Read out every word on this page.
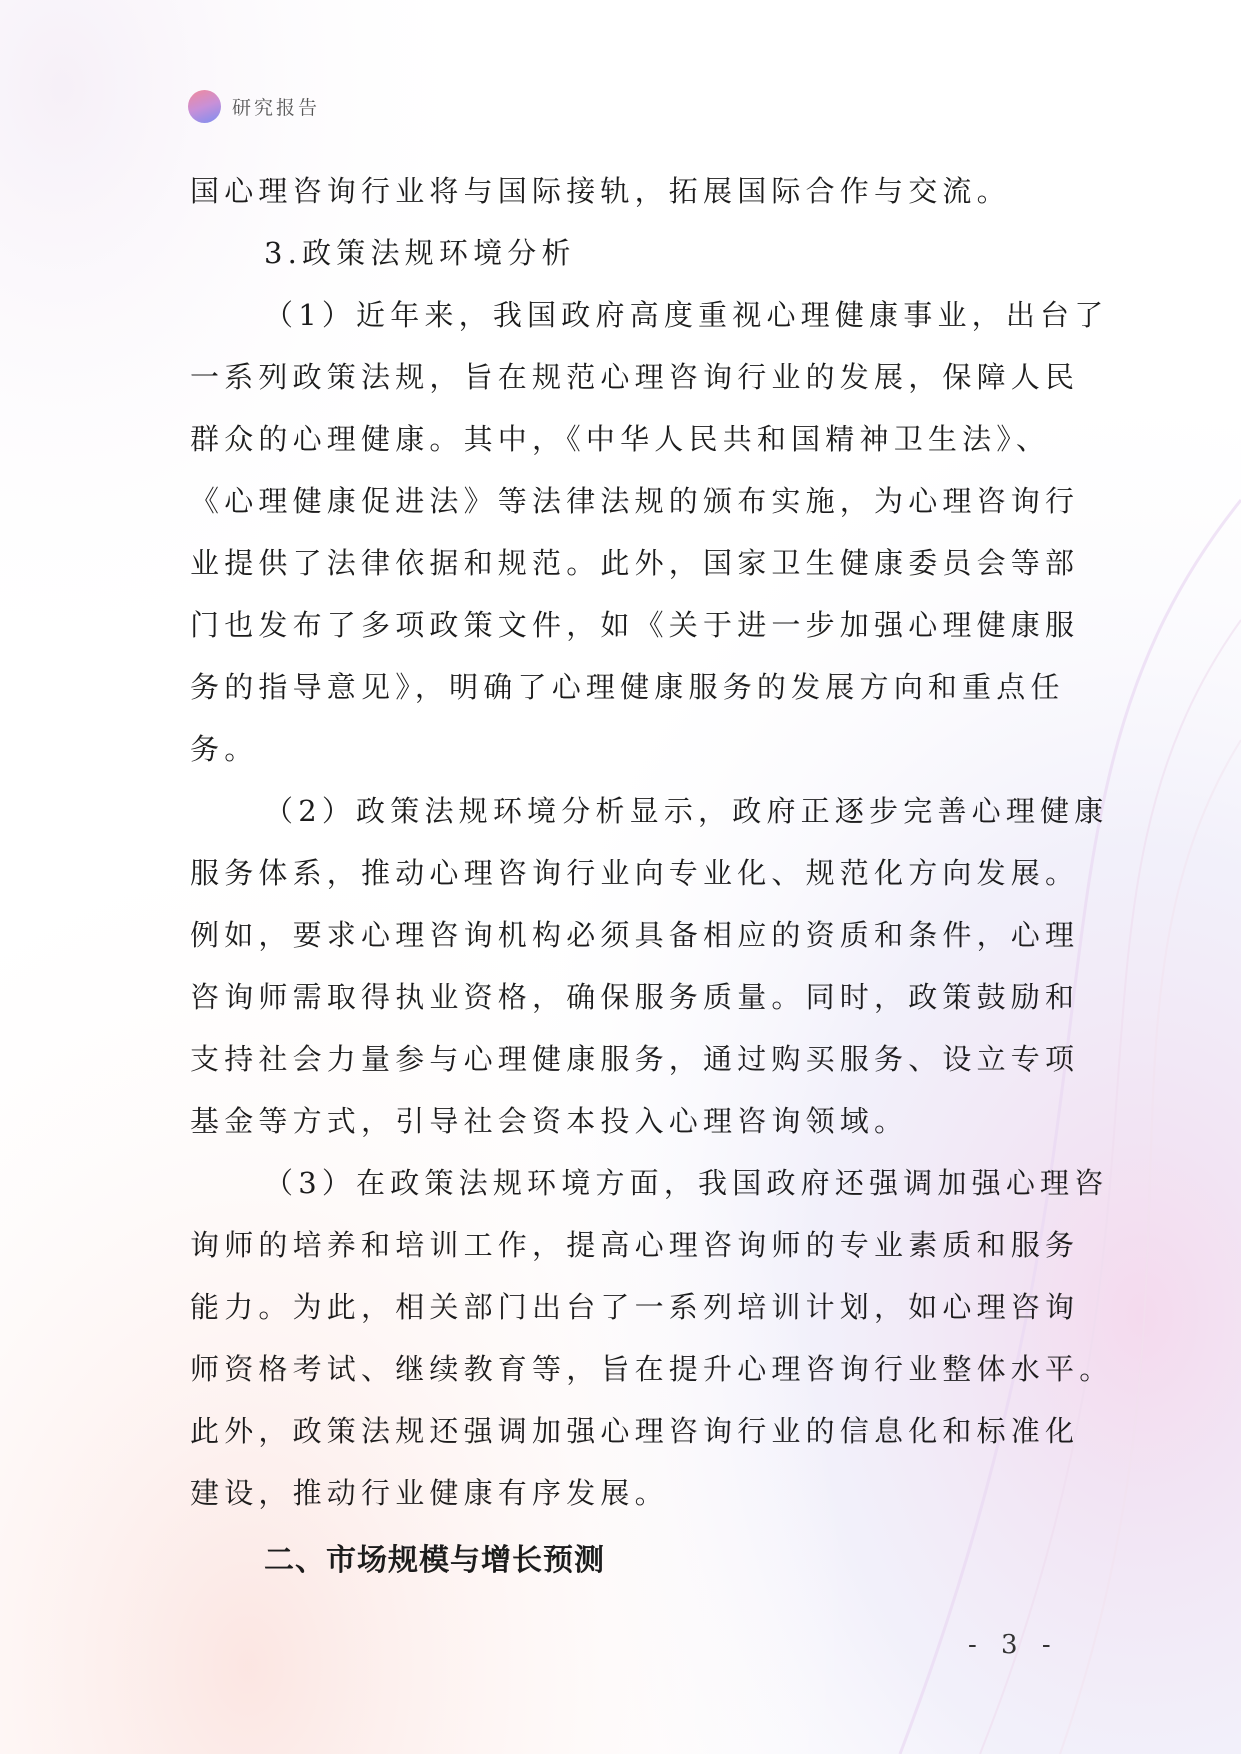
研究报告
国心理咨询行业将与国际接轨，拓展国际合作与交流。
3.政策法规环境分析
（1）近年来，我国政府高度重视心理健康事业，出台了
一系列政策法规，旨在规范心理咨询行业的发展，保障人民
群众的心理健康。其中，《中华人民共和国精神卫生法》、
《心理健康促进法》等法律法规的颁布实施，为心理咨询行
业提供了法律依据和规范。此外，国家卫生健康委员会等部
门也发布了多项政策文件，如《关于进一步加强心理健康服
务的指导意见》，明确了心理健康服务的发展方向和重点任
务。
（2）政策法规环境分析显示，政府正逐步完善心理健康
服务体系，推动心理咨询行业向专业化、规范化方向发展。
例如，要求心理咨询机构必须具备相应的资质和条件，心理
咨询师需取得执业资格，确保服务质量。同时，政策鼓励和
支持社会力量参与心理健康服务，通过购买服务、设立专项
基金等方式，引导社会资本投入心理咨询领域。
（3）在政策法规环境方面，我国政府还强调加强心理咨
询师的培养和培训工作，提高心理咨询师的专业素质和服务
能力。为此，相关部门出台了一系列培训计划，如心理咨询
师资格考试、继续教育等，旨在提升心理咨询行业整体水平。
此外，政策法规还强调加强心理咨询行业的信息化和标准化
建设，推动行业健康有序发展。
二、市场规模与增长预测
- 3 -
